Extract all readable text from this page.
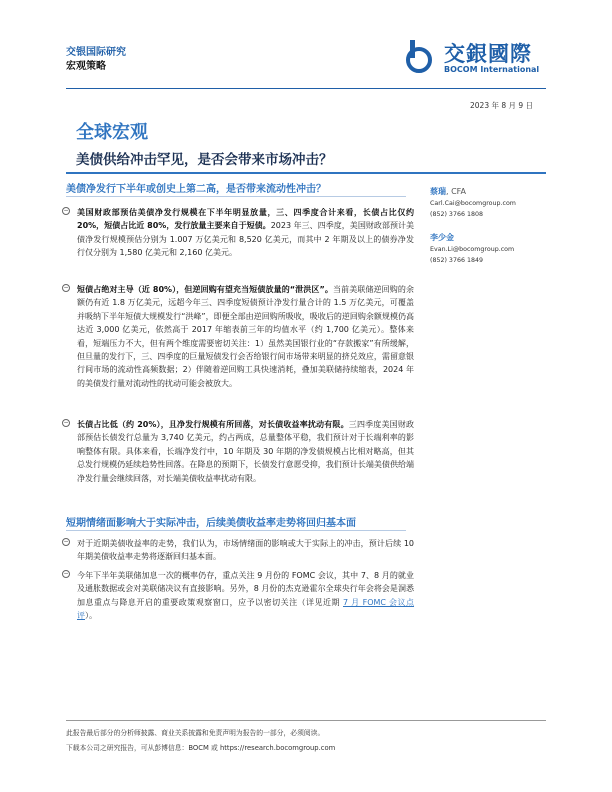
交银国际研究
宏观策略
交銀國際
BOCOM International
2023 年 8 月 9 日
全球宏观
美债供给冲击罕见，是否会带来市场冲击？
美债净发行下半年或创史上第二高，是否带来流动性冲击？
− 美国财政部预估美债净发行规模在下半年明显放量，三、四季度合计来看，长债占比仅约 20%，短债占比近 80%，发行放量主要来自于短债。2023 年三、四季度，美国财政部预计美债净发行规模预估分别为 1.007 万亿美元和 8,520 亿美元，而其中 2 年期及以上的债券净发行仅分别为 1,580 亿美元和 2,160 亿美元。
− 短债占绝对主导（近 80%），但逆回购有望充当短债放量的“泄洪区”。当前美联储逆回购的余额仍有近 1.8 万亿美元，远超今年三、四季度短债预计净发行量合计的 1.5 万亿美元，可覆盖并吸纳下半年短债大规模发行“洪峰”，即便全部由逆回购所吸收，吸收后的逆回购余额规模仍高达近 3,000 亿美元，依然高于 2017 年缩表前三年的均值水平（约 1,700 亿美元）。整体来看，短端压力不大，但有两个维度需要密切关注：1）虽然美国银行业的“存款搬家”有所缓解，但旦量的发行下，三、四季度的巨量短债发行会否给银行间市场带来明显的挤兑效应，需留意银行间市场的流动性高频数据；2）伴随着逆回购工具快速消耗，叠加美联储持续缩表，2024 年的美债发行量对流动性的扰动可能会被放大。
− 长债占比低（约 20%），且净发行规模有所回落，对长债收益率扰动有限。三四季度美国财政部预估长债发行总量为 3,740 亿美元，约占两成，总量整体平稳，我们预计对于长端利率的影响整体有限。具体来看，长端净发行中，10 年期及 30 年期的净发债规模占比相对略高，但其总发行规模仍延续趋势性回落。在降息的预期下，长债发行意愿受抑，我们预计长端美债供给端净发行量会继续回落，对长端美债收益率扰动有限。
短期情绪面影响大于实际冲击，后续美债收益率走势将回归基本面
− 对于近期美债收益率的走势，我们认为，市场情绪面的影响或大于实际上的冲击，预计后续 10 年期美债收益率走势将逐渐回归基本面。
− 今年下半年美联储加息一次的概率仍存，重点关注 9 月份的 FOMC 会议，其中 7、8 月的就业及通胀数据或会对美联储决议有直接影响。另外，8 月份的杰克逊霍尔全球央行年会将会是洞悉加息重点与降息开启的重要政策观察窗口，应予以密切关注（详见近期 7 月 FOMC 会议点评）。
蔡瑞, CFA
Carl.Cai@bocomgroup.com
(852) 3766 1808
李少金
Evan.Li@bocomgroup.com
(852) 3766 1849
此报告最后部分的分析师披露、商业关系披露和免责声明为报告的一部分，必须阅读。
下载本公司之研究报告，可从彭博信息：BOCM 或 https://research.bocomgroup.com
